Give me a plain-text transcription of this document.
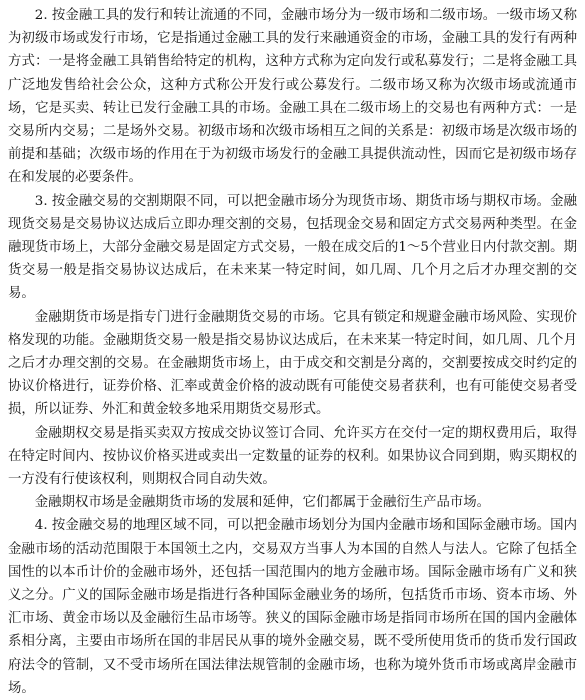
2. 按金融工具的发行和转让流通的不同，金融市场分为一级市场和二级市场。一级市场又称为初级市场或发行市场，它是指通过金融工具的发行来融通资金的市场，金融工具的发行有两种方式：一是将金融工具销售给特定的机构，这种方式称为定向发行或私募发行；二是将金融工具广泛地发售给社会公众，这种方式称公开发行或公募发行。二级市场又称为次级市场或流通市场，它是买卖、转让已发行金融工具的市场。金融工具在二级市场上的交易也有两种方式：一是交易所内交易；二是场外交易。初级市场和次级市场相互之间的关系是：初级市场是次级市场的前提和基础；次级市场的作用在于为初级市场发行的金融工具提供流动性，因而它是初级市场存在和发展的必要条件。

3. 按金融交易的交割期限不同，可以把金融市场分为现货市场、期货市场与期权市场。金融现货交易是交易协议达成后立即办理交割的交易，包括现金交易和固定方式交易两种类型。在金融现货市场上，大部分金融交易是固定方式交易，一般在成交后的1～5个营业日内付款交割。期货交易一般是指交易协议达成后，在未来某一特定时间，如几周、几个月之后才办理交割的交易。

金融期货市场是指专门进行金融期货交易的市场。它具有锁定和规避金融市场风险、实现价格发现的功能。金融期货交易一般是指交易协议达成后，在未来某一特定时间，如几周、几个月之后才办理交割的交易。在金融期货市场上，由于成交和交割是分离的，交割要按成交时约定的协议价格进行，证券价格、汇率或黄金价格的波动既有可能使交易者获利，也有可能使交易者受损，所以证券、外汇和黄金较多地采用期货交易形式。

金融期权交易是指买卖双方按成交协议签订合同、允许买方在交付一定的期权费用后，取得在特定时间内、按协议价格买进或卖出一定数量的证券的权利。如果协议合同到期，购买期权的一方没有行使该权利，则期权合同自动失效。

金融期权市场是金融期货市场的发展和延伸，它们都属于金融衍生产品市场。

4. 按金融交易的地理区域不同，可以把金融市场划分为国内金融市场和国际金融市场。国内金融市场的活动范围限于本国领土之内，交易双方当事人为本国的自然人与法人。它除了包括全国性的以本币计价的金融市场外，还包括一国范围内的地方金融市场。国际金融市场有广义和狭义之分。广义的国际金融市场是指进行各种国际金融业务的场所，包括货币市场、资本市场、外汇市场、黄金市场以及金融衍生品市场等。狭义的国际金融市场是指同市场所在国的国内金融体系相分离，主要由市场所在国的非居民从事的境外金融交易，既不受所使用货币的货币发行国政府法令的管制，又不受市场所在国法律法规管制的金融市场，也称为境外货币市场或离岸金融市场。
